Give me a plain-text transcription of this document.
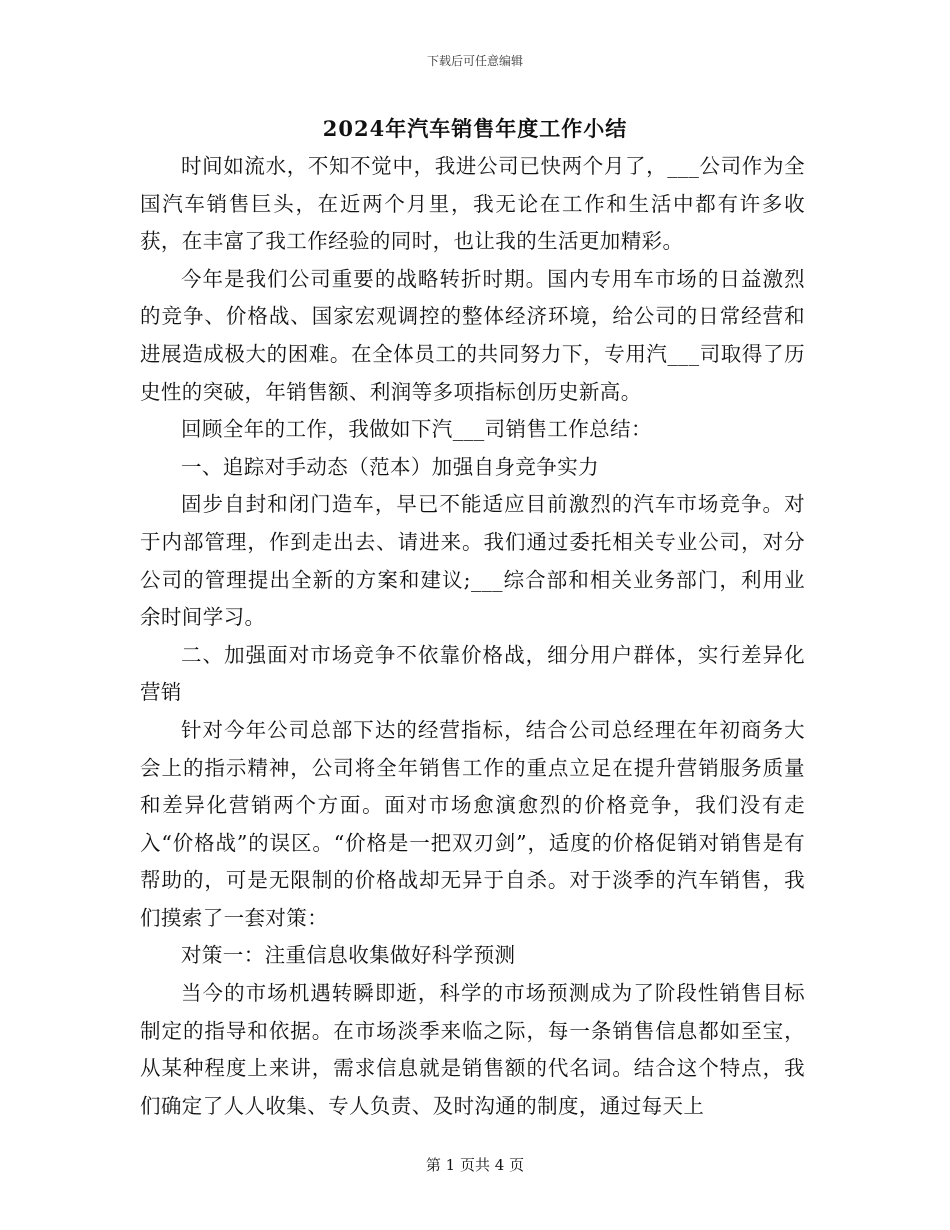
下载后可任意编辑
2024年汽车销售年度工作小结

时间如流水，不知不觉中，我进公司已快两个月了，___公司作为全国汽车销售巨头，在近两个月里，我无论在工作和生活中都有许多收获，在丰富了我工作经验的同时，也让我的生活更加精彩。

今年是我们公司重要的战略转折时期。国内专用车市场的日益激烈的竞争、价格战、国家宏观调控的整体经济环境，给公司的日常经营和进展造成极大的困难。在全体员工的共同努力下，专用汽___司取得了历史性的突破，年销售额、利润等多项指标创历史新高。

回顾全年的工作，我做如下汽___司销售工作总结：

一、追踪对手动态（范本）加强自身竞争实力

固步自封和闭门造车，早已不能适应目前激烈的汽车市场竞争。对于内部管理，作到走出去、请进来。我们通过委托相关专业公司，对分公司的管理提出全新的方案和建议;___综合部和相关业务部门，利用业余时间学习。

二、加强面对市场竞争不依靠价格战，细分用户群体，实行差异化营销

针对今年公司总部下达的经营指标，结合公司总经理在年初商务大会上的指示精神，公司将全年销售工作的重点立足在提升营销服务质量和差异化营销两个方面。面对市场愈演愈烈的价格竞争，我们没有走入“价格战”的误区。“价格是一把双刃剑”，适度的价格促销对销售是有帮助的，可是无限制的价格战却无异于自杀。对于淡季的汽车销售，我们摸索了一套对策：

对策一：注重信息收集做好科学预测

当今的市场机遇转瞬即逝，科学的市场预测成为了阶段性销售目标制定的指导和依据。在市场淡季来临之际，每一条销售信息都如至宝，从某种程度上来讲，需求信息就是销售额的代名词。结合这个特点，我们确定了人人收集、专人负责、及时沟通的制度，通过每天上

第 1 页共 4 页
